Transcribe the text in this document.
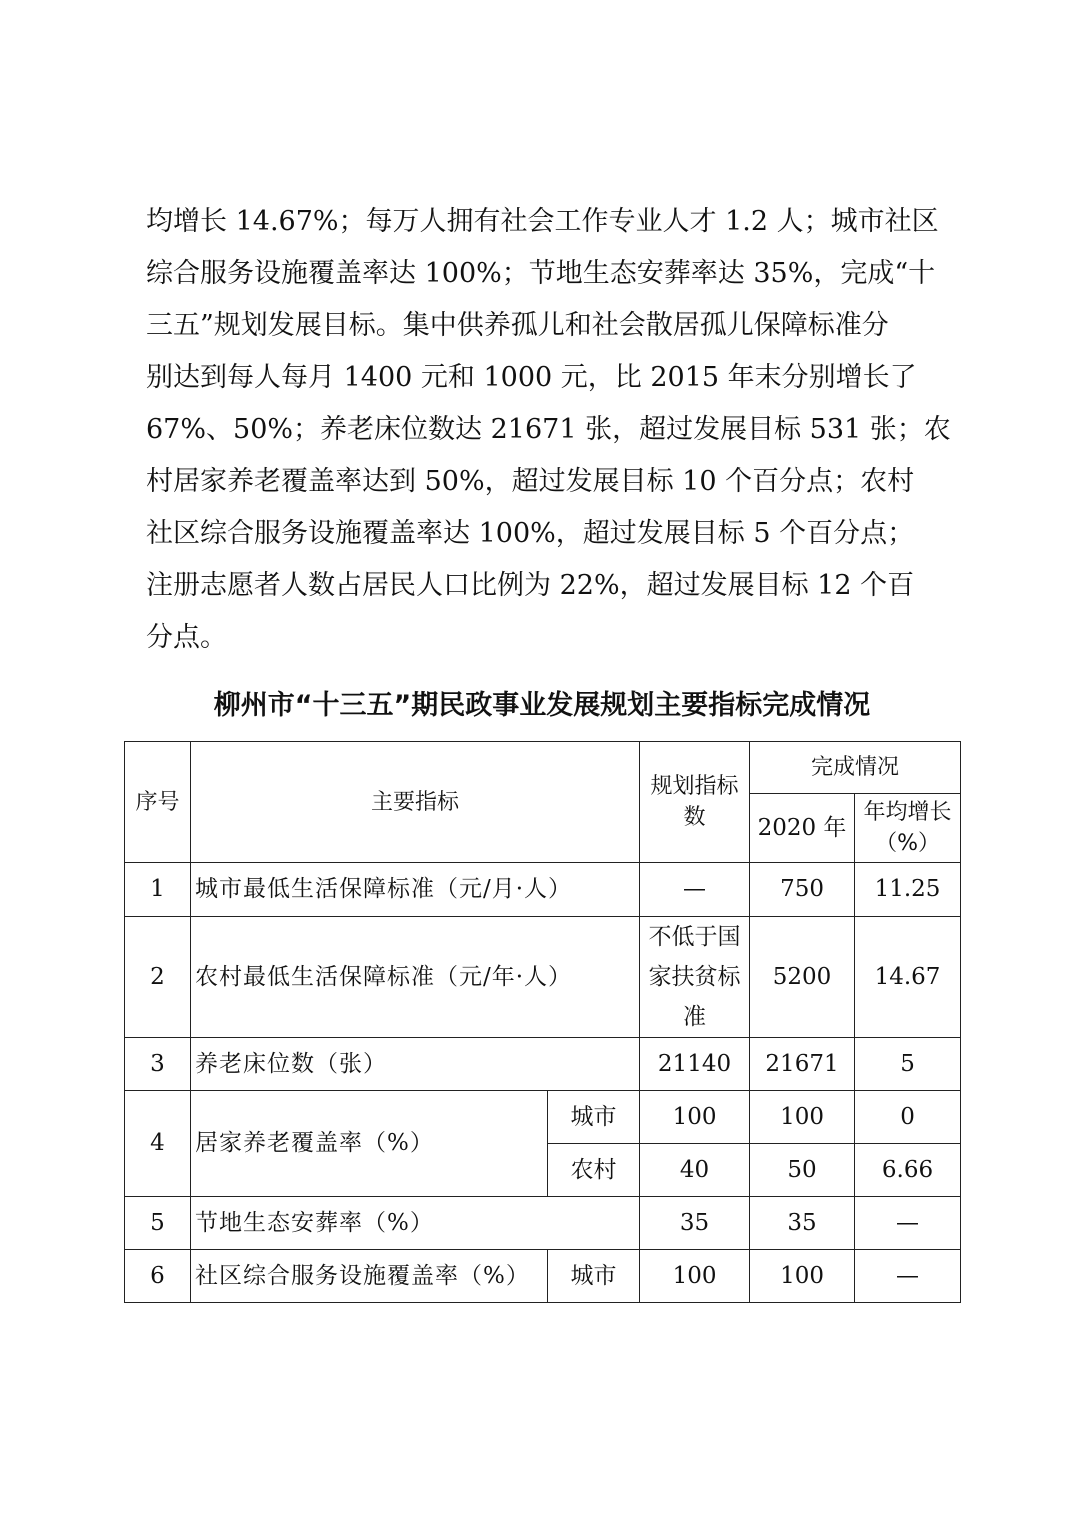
均增长 14.67%；每万人拥有社会工作专业人才 1.2 人；城市社区
综合服务设施覆盖率达 100%；节地生态安葬率达 35%，完成“十
三五”规划发展目标。集中供养孤儿和社会散居孤儿保障标准分
别达到每人每月 1400 元和 1000 元，比 2015 年末分别增长了
67%、50%；养老床位数达 21671 张，超过发展目标 531 张；农
村居家养老覆盖率达到 50%，超过发展目标 10 个百分点；农村
社区综合服务设施覆盖率达 100%，超过发展目标 5 个百分点；
注册志愿者人数占居民人口比例为 22%，超过发展目标 12 个百
分点。
柳州市“十三五”期民政事业发展规划主要指标完成情况
序号	主要指标		规划指标数	完成情况	
				2020 年	年均增长（%）
1	城市最低生活保障标准（元/月·人）		—	750	11.25
2	农村最低生活保障标准（元/年·人）		不低于国家扶贫标准	5200	14.67
3	养老床位数（张）		21140	21671	5
4	居家养老覆盖率（%）	城市	100	100	0
		农村	40	50	6.66
5	节地生态安葬率（%）		35	35	—
6	社区综合服务设施覆盖率（%）	城市	100	100	—
